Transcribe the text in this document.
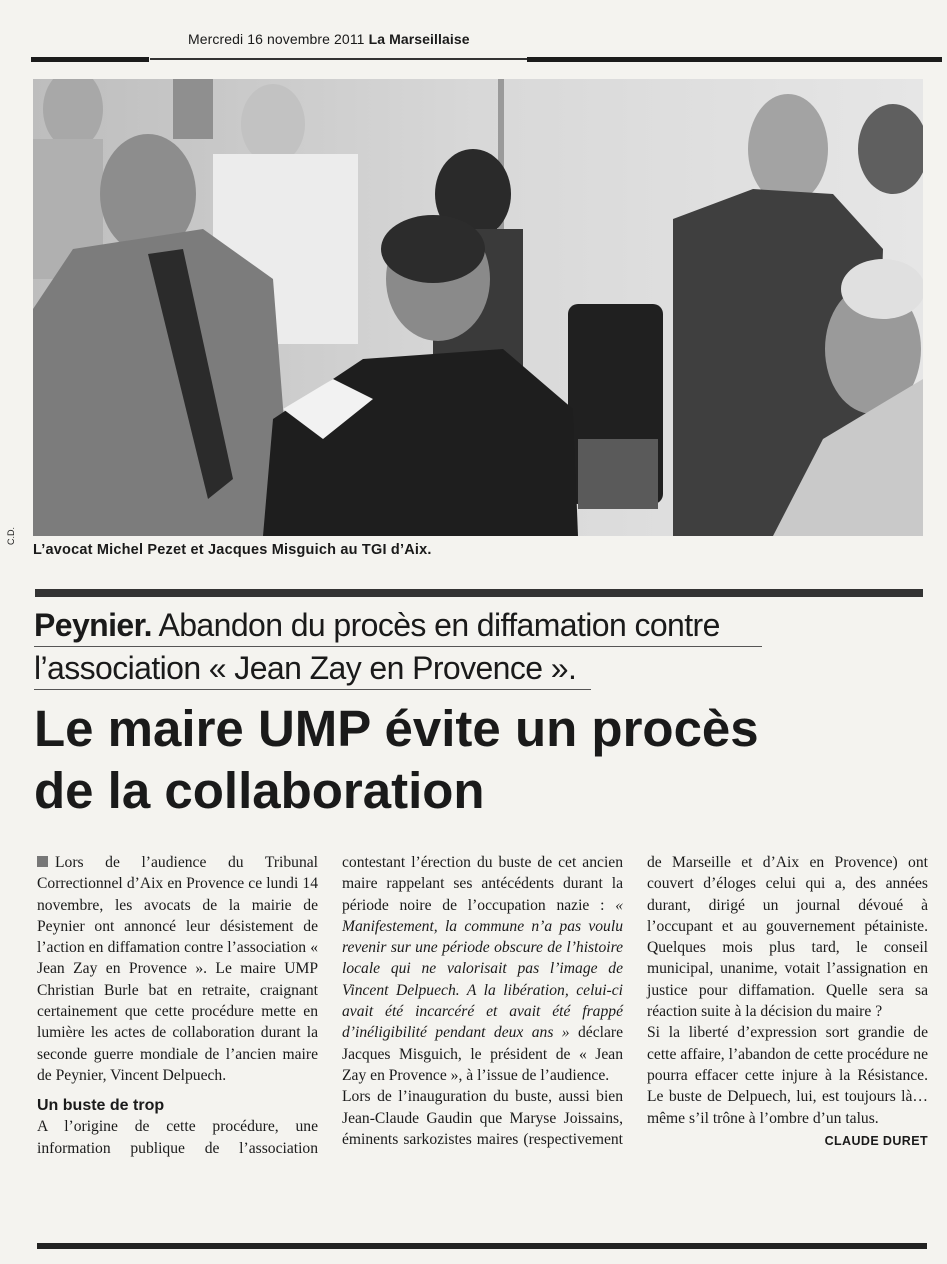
Mercredi 16 novembre 2011 La Marseillaise
C.D.
L’avocat Michel Pezet et Jacques Misguich au TGI d’Aix.
Peynier. Abandon du procès en diffamation contre
l’association « Jean Zay en Provence ».
Le maire UMP évite un procès
de la collaboration

Lors de l’audience du Tribunal Correctionnel d’Aix en Provence ce lundi 14 novembre, les avocats de la mairie de Peynier ont annoncé leur désistement de l’action en diffamation contre l’association « Jean Zay en Provence ». Le maire UMP Christian Burle bat en retraite, craignant certainement que cette procédure mette en lumière les actes de collaboration durant la seconde guerre mondiale de l’ancien maire de Peynier, Vincent Delpuech.

Un buste de trop

A l’origine de cette procédure, une information publique de l’association contestant l’érection du buste de cet ancien maire rappelant ses antécédents durant la période noire de l’occupation nazie : « Manifestement, la commune n’a pas voulu revenir sur une période obscure de l’histoire locale qui ne valorisait pas l’image de Vincent Delpuech. A la libération, celui-ci avait été incarcéré et avait été frappé d’inéligibilité pendant deux ans » déclare Jacques Misguich, le président de « Jean Zay en Provence », à l’issue de l’audience.

Lors de l’inauguration du buste, aussi bien Jean-Claude Gaudin que Maryse Joissains, éminents sarkozistes maires (respectivement de Marseille et d’Aix en Provence) ont couvert d’éloges celui qui a, des années durant, dirigé un journal dévoué à l’occupant et au gouvernement pétainiste. Quelques mois plus tard, le conseil municipal, unanime, votait l’assignation en justice pour diffamation. Quelle sera sa réaction suite à la décision du maire ?

Si la liberté d’expression sort grandie de cette affaire, l’abandon de cette procédure ne pourra effacer cette injure à la Résistance. Le buste de Delpuech, lui, est toujours là… même s’il trône à l’ombre d’un talus.
CLAUDE DURET
